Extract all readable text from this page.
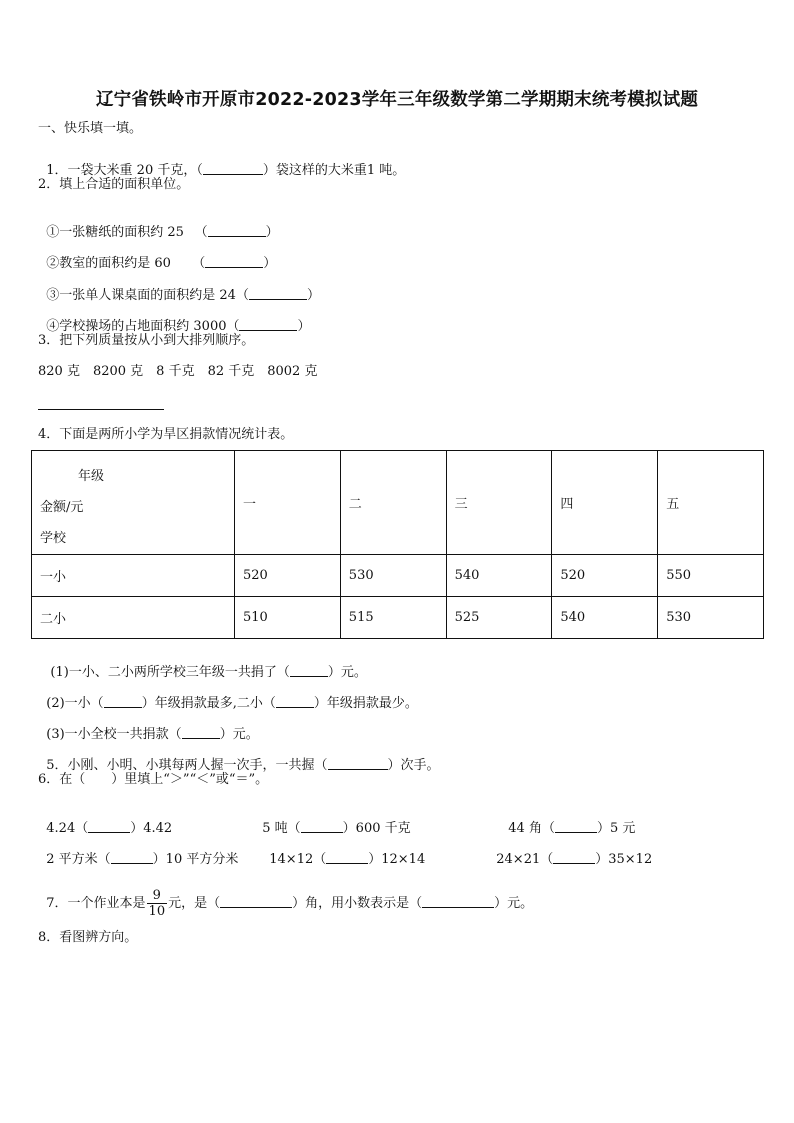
辽宁省铁岭市开原市2022-2023学年三年级数学第二学期期末统考模拟试题
一、快乐填一填。

1．一袋大米重 20 千克，（	）袋这样的大米重1 吨。

2．填上合适的面积单位。

①一张糖纸的面积约 25 　（	）

②教室的面积约是 60 　 （	）

③一张单人课桌面的面积约是 24（	）

④学校操场的占地面积约 3000（	）

3．把下列质量按从小到大排列顺序。
820 克　8200 克　8 千克　82 千克　8002 克
4．下面是两所小学为旱区捐款情况统计表。
年级
金额/元
学校	一	二	三	四	五
一小	520	530	540	520	550
二小	510	515	525	540	530

(1)一小、二小两所学校三年级一共捐了（	）元。

(2)一小（	）年级捐款最多,二小（	）年级捐款最少。

(3)一小全校一共捐款（	）元。

5．小刚、小明、小琪每两人握一次手，一共握（	）次手。

6．在（　　）里填上“＞”“＜”或“＝”。

4.24（	）4.42	5 吨（	）600 千克	44 角（	）5 元

2 平方米（	）10 平方分米	14×12（	）12×14	24×21（	）35×12

7．一个作业本是 $\frac{9}{10}$ 元，是（	）角，用小数表示是（	）元。

8．看图辨方向。
